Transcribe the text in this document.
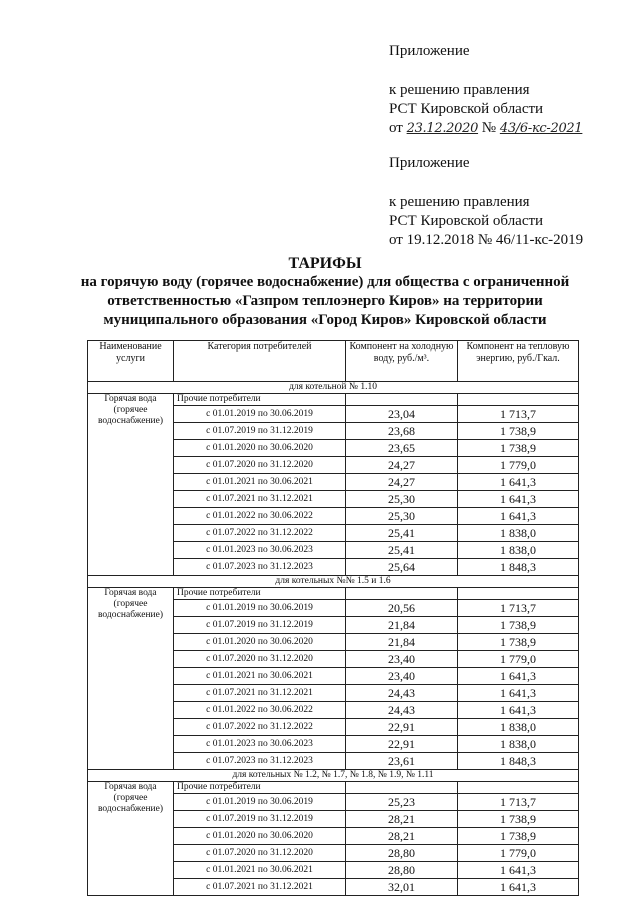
Приложение
к решению правления
РСТ Кировской области
от 23.12.2020 № 43/6-кс-2021
Приложение
к решению правления
РСТ Кировской области
от 19.12.2018 № 46/11-кс-2019
ТАРИФЫ
на горячую воду (горячее водоснабжение) для общества с ограниченной
ответственностью «Газпром теплоэнерго Киров» на территории
муниципального образования «Город Киров» Кировской области
Наименование услуги	Категория потребителей	Компонент на холодную воду, руб./м³.	Компонент на тепловую энергию, руб./Гкал.
для котельной № 1.10			
Горячая вода (горячее водоснабжение)	Прочие потребители		
	с 01.01.2019 по 30.06.2019	23,04	1 713,7
	с 01.07.2019 по 31.12.2019	23,68	1 738,9
	с 01.01.2020 по 30.06.2020	23,65	1 738,9
	с 01.07.2020 по 31.12.2020	24,27	1 779,0
	с 01.01.2021 по 30.06.2021	24,27	1 641,3
	с 01.07.2021 по 31.12.2021	25,30	1 641,3
	с 01.01.2022 по 30.06.2022	25,30	1 641,3
	с 01.07.2022 по 31.12.2022	25,41	1 838,0
	с 01.01.2023 по 30.06.2023	25,41	1 838,0
	с 01.07.2023 по 31.12.2023	25,64	1 848,3
для котельных №№ 1.5 и 1.6			
Горячая вода (горячее водоснабжение)	Прочие потребители		
	с 01.01.2019 по 30.06.2019	20,56	1 713,7
	с 01.07.2019 по 31.12.2019	21,84	1 738,9
	с 01.01.2020 по 30.06.2020	21,84	1 738,9
	с 01.07.2020 по 31.12.2020	23,40	1 779,0
	с 01.01.2021 по 30.06.2021	23,40	1 641,3
	с 01.07.2021 по 31.12.2021	24,43	1 641,3
	с 01.01.2022 по 30.06.2022	24,43	1 641,3
	с 01.07.2022 по 31.12.2022	22,91	1 838,0
	с 01.01.2023 по 30.06.2023	22,91	1 838,0
	с 01.07.2023 по 31.12.2023	23,61	1 848,3
для котельных № 1.2, № 1.7, № 1.8, № 1.9, № 1.11			
Горячая вода (горячее водоснабжение)	Прочие потребители		
	с 01.01.2019 по 30.06.2019	25,23	1 713,7
	с 01.07.2019 по 31.12.2019	28,21	1 738,9
	с 01.01.2020 по 30.06.2020	28,21	1 738,9
	с 01.07.2020 по 31.12.2020	28,80	1 779,0
	с 01.01.2021 по 30.06.2021	28,80	1 641,3
	с 01.07.2021 по 31.12.2021	32,01	1 641,3
